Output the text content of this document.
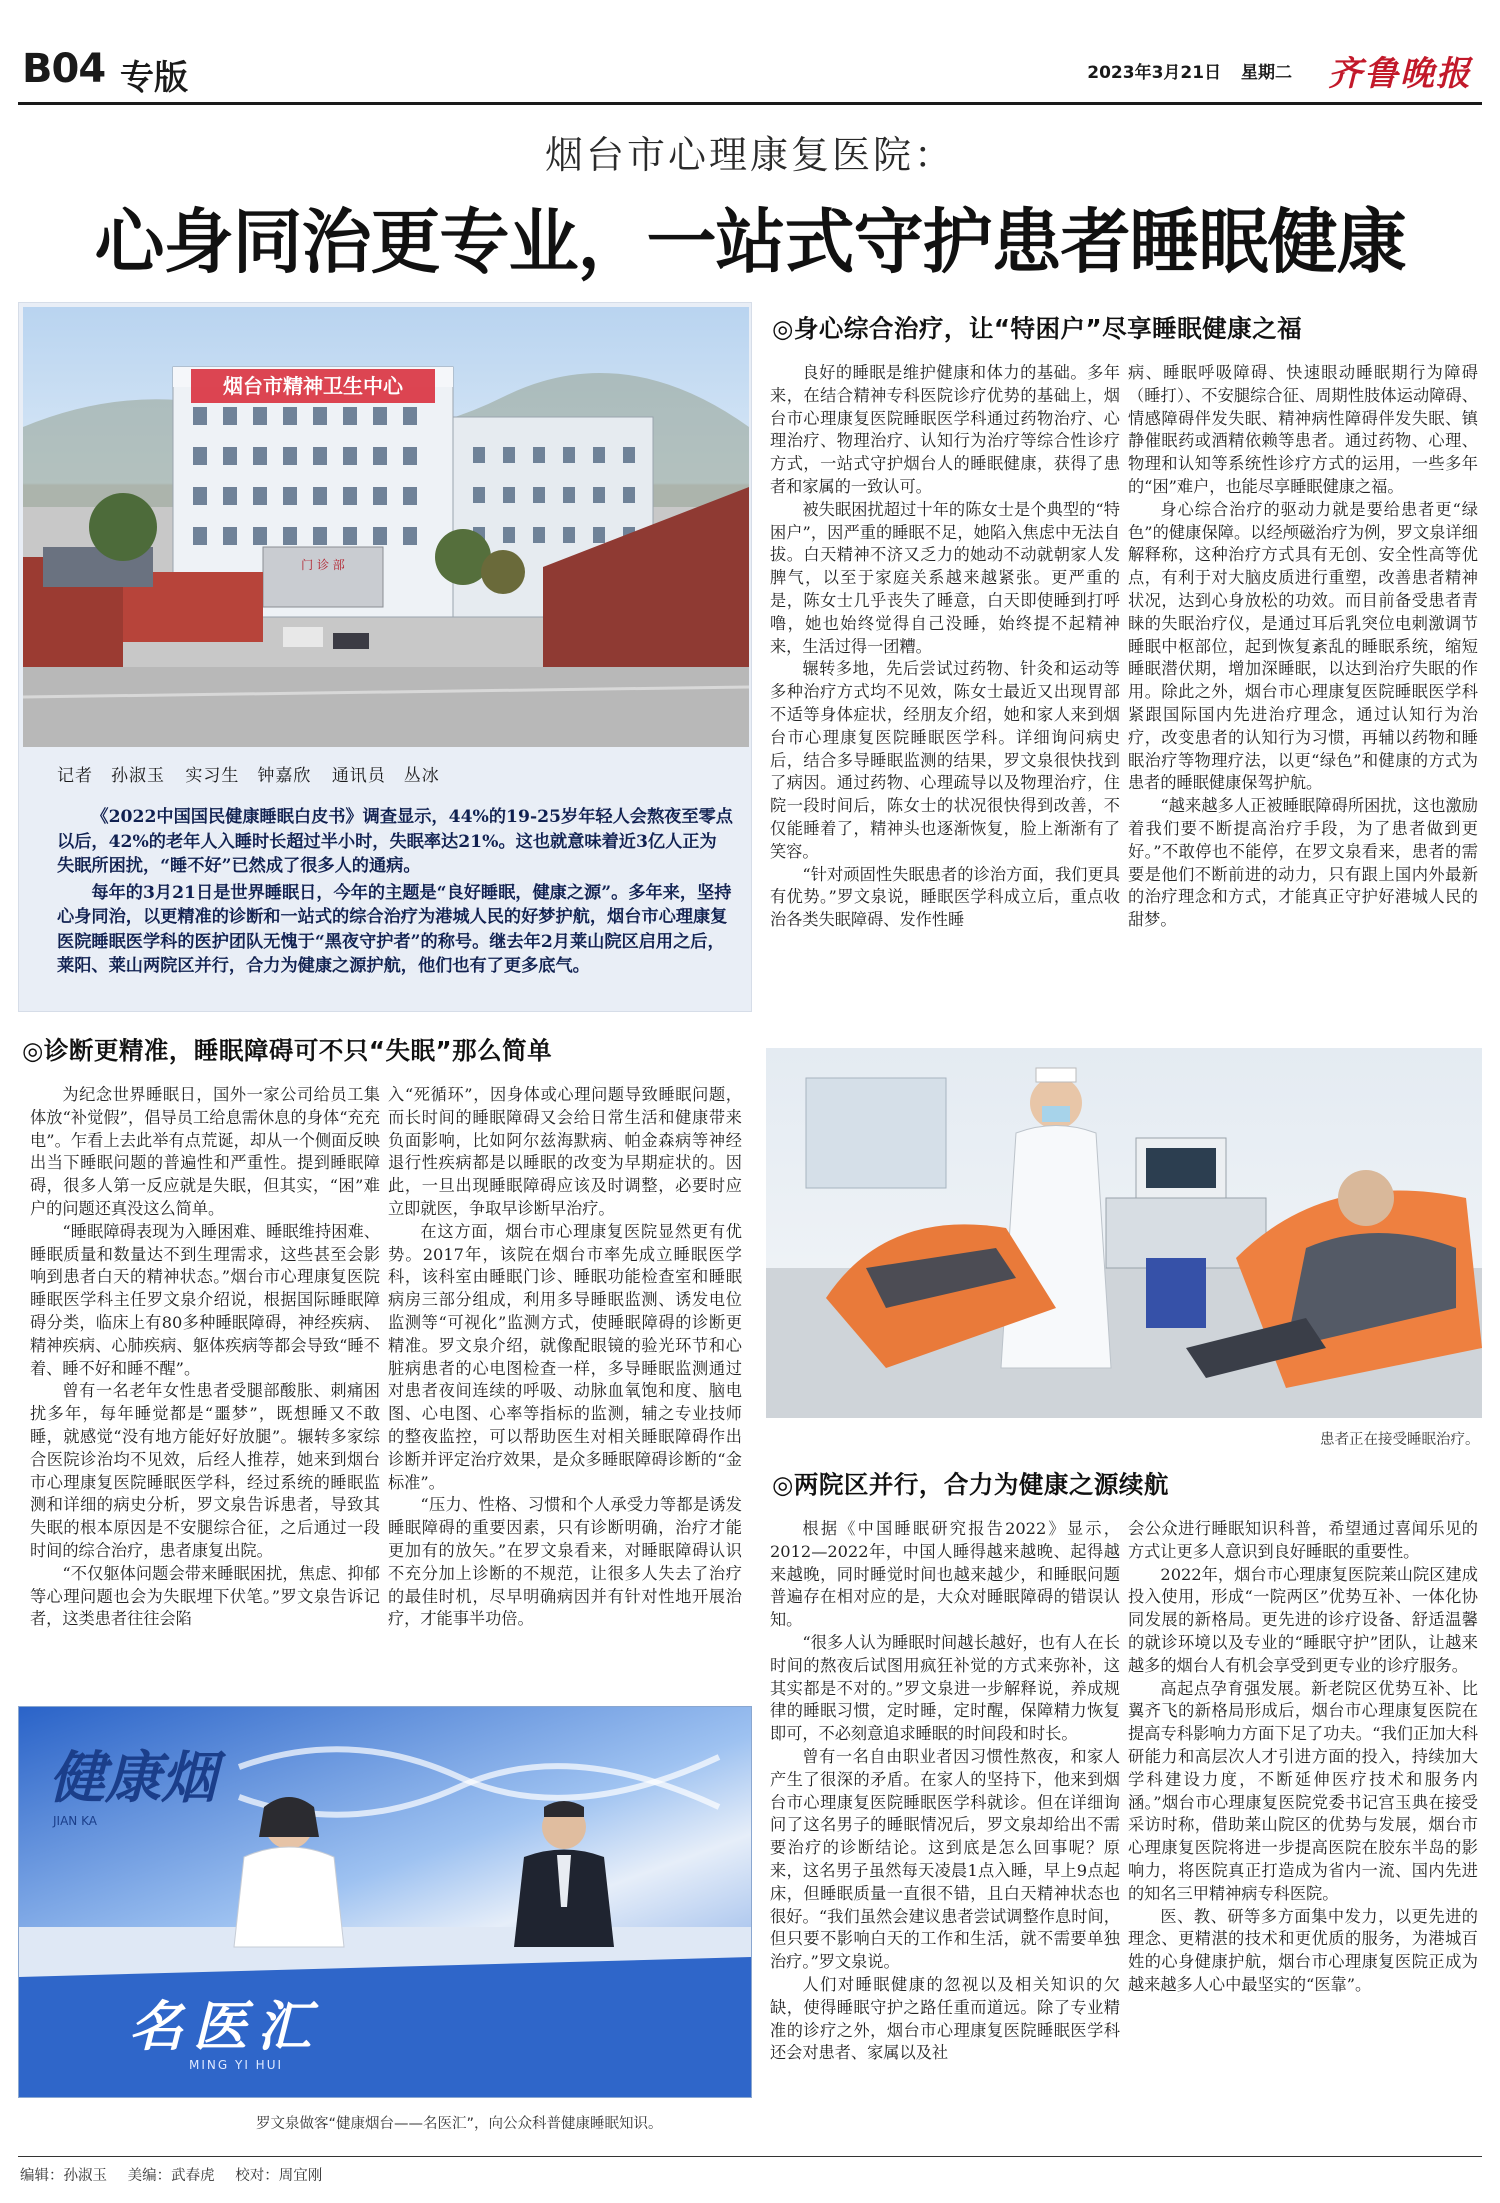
B04 专版	2023年3月21日 星期二 齐鲁晚报
烟台市心理康复医院：
心身同治更专业，一站式守护患者睡眠健康
烟台市精神卫生中心
门 诊 部
记者　孙淑玉 实习生　钟嘉欣 通讯员　丛冰

《2022中国国民健康睡眠白皮书》调查显示，44%的19-25岁年轻人会熬夜至零点以后，42%的老年人入睡时长超过半小时，失眠率达21%。这也就意味着近3亿人正为失眠所困扰，“睡不好”已然成了很多人的通病。

每年的3月21日是世界睡眠日，今年的主题是“良好睡眠，健康之源”。多年来，坚持心身同治，以更精准的诊断和一站式的综合治疗为港城人民的好梦护航，烟台市心理康复医院睡眠医学科的医护团队无愧于“黑夜守护者”的称号。继去年2月莱山院区启用之后，莱阳、莱山两院区并行，合力为健康之源护航，他们也有了更多底气。

◎诊断更精准，睡眠障碍可不只“失眠”那么简单

为纪念世界睡眠日，国外一家公司给员工集体放“补觉假”，倡导员工给息需休息的身体“充充电”。乍看上去此举有点荒诞，却从一个侧面反映出当下睡眠问题的普遍性和严重性。提到睡眠障碍，很多人第一反应就是失眠，但其实，“困”难户的问题还真没这么简单。

“睡眠障碍表现为入睡困难、睡眠维持困难、睡眠质量和数量达不到生理需求，这些甚至会影响到患者白天的精神状态。”烟台市心理康复医院睡眠医学科主任罗文泉介绍说，根据国际睡眠障碍分类，临床上有80多种睡眠障碍，神经疾病、精神疾病、心肺疾病、躯体疾病等都会导致“睡不着、睡不好和睡不醒”。

曾有一名老年女性患者受腿部酸胀、刺痛困扰多年，每年睡觉都是“噩梦”，既想睡又不敢睡，就感觉“没有地方能好好放腿”。辗转多家综合医院诊治均不见效，后经人推荐，她来到烟台市心理康复医院睡眠医学科，经过系统的睡眠监测和详细的病史分析，罗文泉告诉患者，导致其失眠的根本原因是不安腿综合征，之后通过一段时间的综合治疗，患者康复出院。

“不仅躯体问题会带来睡眠困扰，焦虑、抑郁等心理问题也会为失眠埋下伏笔。”罗文泉告诉记者，这类患者往往会陷

入“死循环”，因身体或心理问题导致睡眠问题，而长时间的睡眠障碍又会给日常生活和健康带来负面影响，比如阿尔兹海默病、帕金森病等神经退行性疾病都是以睡眠的改变为早期症状的。因此，一旦出现睡眠障碍应该及时调整，必要时应立即就医，争取早诊断早治疗。

在这方面，烟台市心理康复医院显然更有优势。2017年，该院在烟台市率先成立睡眠医学科，该科室由睡眠门诊、睡眠功能检查室和睡眠病房三部分组成，利用多导睡眠监测、诱发电位监测等“可视化”监测方式，使睡眠障碍的诊断更精准。罗文泉介绍，就像配眼镜的验光环节和心脏病患者的心电图检查一样，多导睡眠监测通过对患者夜间连续的呼吸、动脉血氧饱和度、脑电图、心电图、心率等指标的监测，辅之专业技师的整夜监控，可以帮助医生对相关睡眠障碍作出诊断并评定治疗效果，是众多睡眠障碍诊断的“金标准”。

“压力、性格、习惯和个人承受力等都是诱发睡眠障碍的重要因素，只有诊断明确，治疗才能更加有的放矢。”在罗文泉看来，对睡眠障碍认识不充分加上诊断的不规范，让很多人失去了治疗的最佳时机，尽早明确病因并有针对性地开展治疗，才能事半功倍。

◎身心综合治疗，让“特困户”尽享睡眠健康之福

良好的睡眠是维护健康和体力的基础。多年来，在结合精神专科医院诊疗优势的基础上，烟台市心理康复医院睡眠医学科通过药物治疗、心理治疗、物理治疗、认知行为治疗等综合性诊疗方式，一站式守护烟台人的睡眠健康，获得了患者和家属的一致认可。

被失眠困扰超过十年的陈女士是个典型的“特困户”，因严重的睡眠不足，她陷入焦虑中无法自拔。白天精神不济又乏力的她动不动就朝家人发脾气，以至于家庭关系越来越紧张。更严重的是，陈女士几乎丧失了睡意，白天即使睡到打呼噜，她也始终觉得自己没睡，始终提不起精神来，生活过得一团糟。

辗转多地，先后尝试过药物、针灸和运动等多种治疗方式均不见效，陈女士最近又出现胃部不适等身体症状，经朋友介绍，她和家人来到烟台市心理康复医院睡眠医学科。详细询问病史后，结合多导睡眠监测的结果，罗文泉很快找到了病因。通过药物、心理疏导以及物理治疗，住院一段时间后，陈女士的状况很快得到改善，不仅能睡着了，精神头也逐渐恢复，脸上渐渐有了笑容。

“针对顽固性失眠患者的诊治方面，我们更具有优势。”罗文泉说，睡眠医学科成立后，重点收治各类失眠障碍、发作性睡

病、睡眠呼吸障碍、快速眼动睡眠期行为障碍（睡打）、不安腿综合征、周期性肢体运动障碍、情感障碍伴发失眠、精神病性障碍伴发失眠、镇静催眠药或酒精依赖等患者。通过药物、心理、物理和认知等系统性诊疗方式的运用，一些多年的“困”难户，也能尽享睡眠健康之福。

身心综合治疗的驱动力就是要给患者更“绿色”的健康保障。以经颅磁治疗为例，罗文泉详细解释称，这种治疗方式具有无创、安全性高等优点，有利于对大脑皮质进行重塑，改善患者精神状况，达到心身放松的功效。而目前备受患者青睐的失眠治疗仪，是通过耳后乳突位电刺激调节睡眠中枢部位，起到恢复紊乱的睡眠系统，缩短睡眠潜伏期，增加深睡眠，以达到治疗失眠的作用。除此之外，烟台市心理康复医院睡眠医学科紧跟国际国内先进治疗理念，通过认知行为治疗，改变患者的认知行为习惯，再辅以药物和睡眠治疗等物理疗法，以更“绿色”和健康的方式为患者的睡眠健康保驾护航。

“越来越多人正被睡眠障碍所困扰，这也激励着我们要不断提高治疗手段，为了患者做到更好。”不敢停也不能停，在罗文泉看来，患者的需要是他们不断前进的动力，只有跟上国内外最新的治疗理念和方式，才能真正守护好港城人民的甜梦。

患者正在接受睡眠治疗。
◎两院区并行，合力为健康之源续航

根据《中国睡眠研究报告2022》显示，2012—2022年，中国人睡得越来越晚、起得越来越晚，同时睡觉时间也越来越少，和睡眠问题普遍存在相对应的是，大众对睡眠障碍的错误认知。

“很多人认为睡眠时间越长越好，也有人在长时间的熬夜后试图用疯狂补觉的方式来弥补，这其实都是不对的。”罗文泉进一步解释说，养成规律的睡眠习惯，定时睡，定时醒，保障精力恢复即可，不必刻意追求睡眠的时间段和时长。

曾有一名自由职业者因习惯性熬夜，和家人产生了很深的矛盾。在家人的坚持下，他来到烟台市心理康复医院睡眠医学科就诊。但在详细询问了这名男子的睡眠情况后，罗文泉却给出不需要治疗的诊断结论。这到底是怎么回事呢？原来，这名男子虽然每天凌晨1点入睡，早上9点起床，但睡眠质量一直很不错，且白天精神状态也很好。“我们虽然会建议患者尝试调整作息时间，但只要不影响白天的工作和生活，就不需要单独治疗。”罗文泉说。

人们对睡眠健康的忽视以及相关知识的欠缺，使得睡眠守护之路任重而道远。除了专业精准的诊疗之外，烟台市心理康复医院睡眠医学科还会对患者、家属以及社

会公众进行睡眠知识科普，希望通过喜闻乐见的方式让更多人意识到良好睡眠的重要性。

2022年，烟台市心理康复医院莱山院区建成投入使用，形成“一院两区”优势互补、一体化协同发展的新格局。更先进的诊疗设备、舒适温馨的就诊环境以及专业的“睡眠守护”团队，让越来越多的烟台人有机会享受到更专业的诊疗服务。

高起点孕育强发展。新老院区优势互补、比翼齐飞的新格局形成后，烟台市心理康复医院在提高专科影响力方面下足了功夫。“我们正加大科研能力和高层次人才引进方面的投入，持续加大学科建设力度，不断延伸医疗技术和服务内涵。”烟台市心理康复医院党委书记宫玉典在接受采访时称，借助莱山院区的优势与发展，烟台市心理康复医院将进一步提高医院在胶东半岛的影响力，将医院真正打造成为省内一流、国内先进的知名三甲精神病专科医院。

医、教、研等多方面集中发力，以更先进的理念、更精湛的技术和更优质的服务，为港城百姓的心身健康护航，烟台市心理康复医院正成为越来越多人心中最坚实的“医靠”。

健康烟
JIAN KA
名医汇
MING YI HUI
罗文泉做客“健康烟台——名医汇”，向公众科普健康睡眠知识。
编辑：孙淑玉 美编：武春虎 校对：周宜刚
